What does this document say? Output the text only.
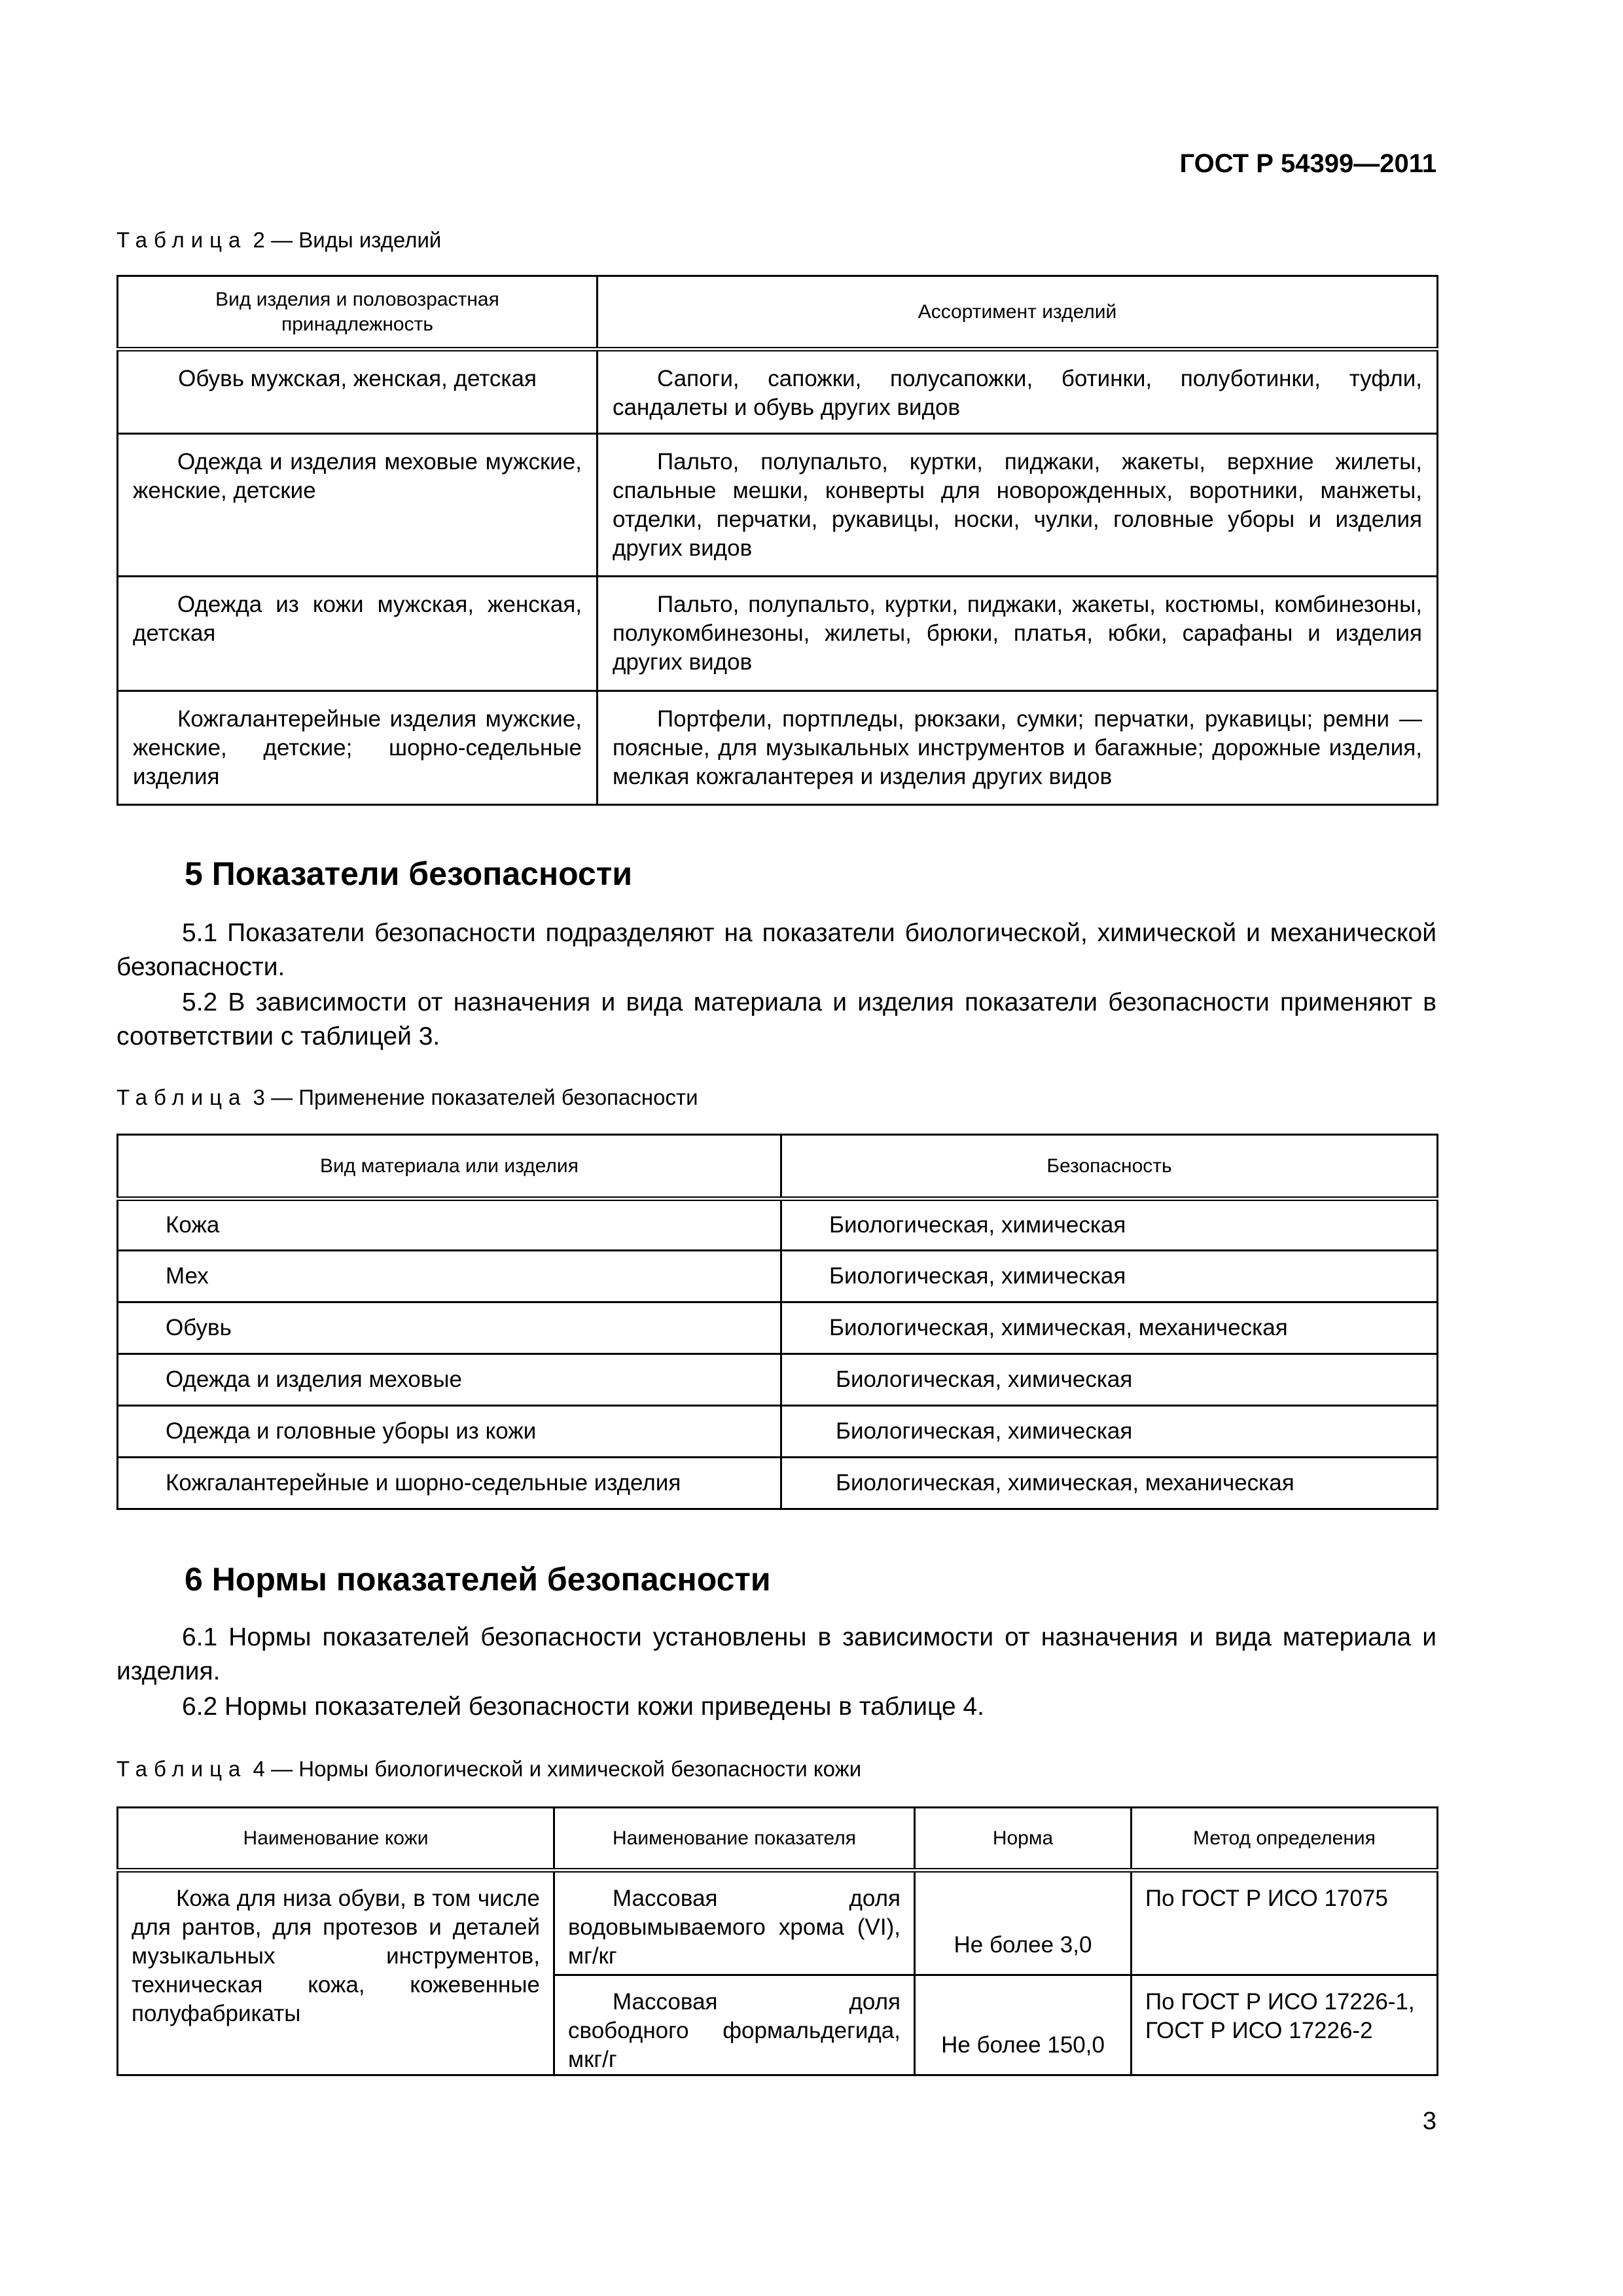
ГОСТ Р 54399—2011
Таблица 2 — Виды изделий
Вид изделия и половозрастная принадлежность	Ассортимент изделий
Обувь мужская, женская, детская	Сапоги, сапожки, полусапожки, ботинки, полуботинки, туфли, сандалеты и обувь других видов
Одежда и изделия меховые мужские, женские, детские	Пальто, полупальто, куртки, пиджаки, жакеты, верхние жилеты, спальные мешки, конверты для новорожденных, воротники, манжеты, отделки, перчатки, рукавицы, носки, чулки, головные уборы и изделия других видов
Одежда из кожи мужская, женская, детская	Пальто, полупальто, куртки, пиджаки, жакеты, костюмы, комбинезоны, полукомбинезоны, жилеты, брюки, платья, юбки, сарафаны и изделия других видов
Кожгалантерейные изделия мужские, женские, детские; шорно-седельные изделия	Портфели, портпледы, рюкзаки, сумки; перчатки, рукавицы; ремни — поясные, для музыкальных инструментов и багажные; дорожные изделия, мелкая кожгалантерея и изделия других видов
5 Показатели безопасности

5.1 Показатели безопасности подразделяют на показатели биологической, химической и механической безопасности.

5.2 В зависимости от назначения и вида материала и изделия показатели безопасности применяют в соответствии с таблицей 3.

Таблица 3 — Применение показателей безопасности
Вид материала или изделия	Безопасность
Кожа	Биологическая, химическая
Мех	Биологическая, химическая
Обувь	Биологическая, химическая, механическая
Одежда и изделия меховые	Биологическая, химическая
Одежда и головные уборы из кожи	Биологическая, химическая
Кожгалантерейные и шорно-седельные изделия	Биологическая, химическая, механическая
6 Нормы показателей безопасности

6.1 Нормы показателей безопасности установлены в зависимости от назначения и вида материала и изделия.

6.2 Нормы показателей безопасности кожи приведены в таблице 4.

Таблица 4 — Нормы биологической и химической безопасности кожи
Наименование кожи	Наименование показателя	Норма	Метод определения
Кожа для низа обуви, в том числе для рантов, для протезов и деталей музыкальных инструментов, техническая кожа, кожевенные полуфабрикаты	Массовая доля водовымываемого хрома (VI), мг/кг	Не более 3,0	По ГОСТ Р ИСО 17075
	Массовая доля свободного формальдегида, мкг/г	Не более 150,0	По ГОСТ Р ИСО 17226-1, ГОСТ Р ИСО 17226-2
3
